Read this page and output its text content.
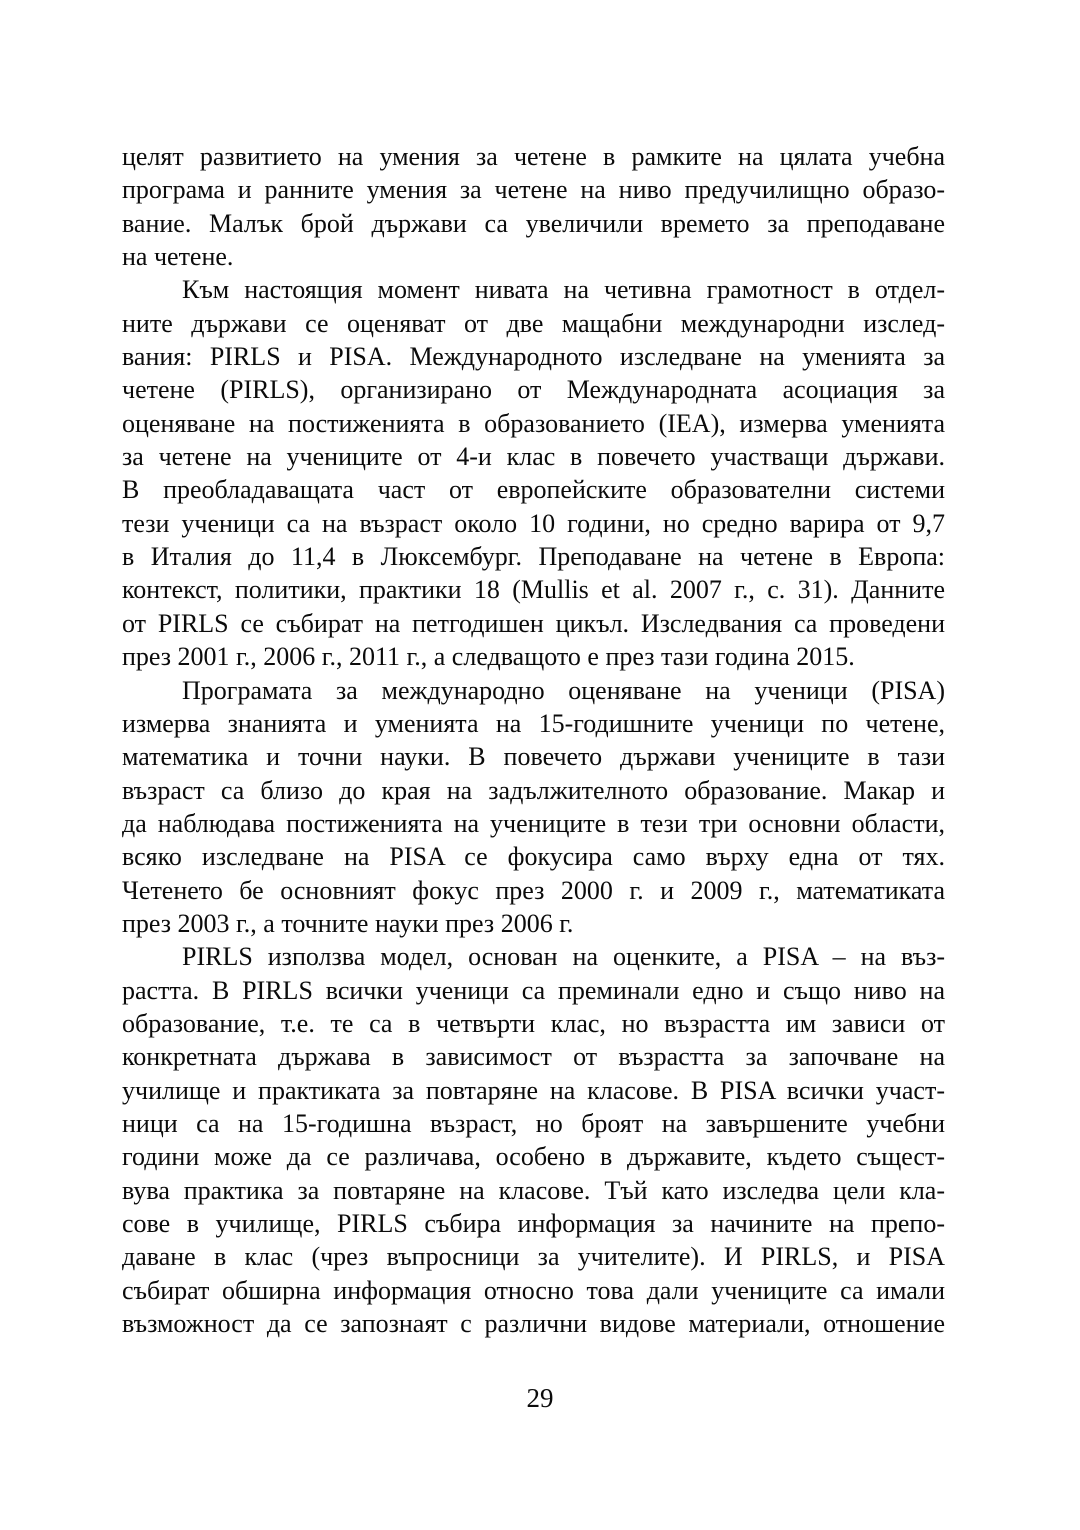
целят развитието на умения за четене в рамките на цялата учебна
програма и ранните умения за четене на ниво предучилищно образо-
вание. Малък брой държави са увеличили времето за преподаване
на четене.

Към настоящия момент нивата на четивна грамотност в отдел-
ните държави се оценяват от две мащабни международни изслед-
вания: PIRLS и PISA. Международното изследване на уменията за
четене (PIRLS), организирано от Международната асоциация за
оценяване на постиженията в образованието (IEA), измерва уменията
за четене на учениците от 4-и клас в повечето участващи държави.
В преобладаващата част от европейските образователни системи
тези ученици са на възраст около 10 години, но средно варира от 9,7
в Италия до 11,4 в Люксембург. Преподаване на четене в Европа:
контекст, политики, практики 18 (Mullis et al. 2007 г., с. 31). Данните
от PIRLS се събират на петгодишен цикъл. Изследвания са проведени
през 2001 г., 2006 г., 2011 г., а следващото е през тази година 2015.

Програмата за международно оценяване на ученици (PISA)
измерва знанията и уменията на 15-годишните ученици по четене,
математика и точни науки. В повечето държави учениците в тази
възраст са близо до края на задължителното образование. Макар и
да наблюдава постиженията на учениците в тези три основни области,
всяко изследване на PISA се фокусира само върху една от тях.
Четенето бе основният фокус през 2000 г. и 2009 г., математиката
през 2003 г., а точните науки през 2006 г.

PIRLS използва модел, основан на оценките, а PISA – на въз-
растта. В PIRLS всички ученици са преминали едно и също ниво на
образование, т.е. те са в четвърти клас, но възрастта им зависи от
конкретната държава в зависимост от възрастта за започване на
училище и практиката за повтаряне на класове. В PISA всички участ-
ници са на 15-годишна възраст, но броят на завършените учебни
години може да се различава, особено в държавите, където същест-
вува практика за повтаряне на класове. Тъй като изследва цели кла-
сове в училище, PIRLS събира информация за начините на препо-
даване в клас (чрез въпросници за учителите). И PIRLS, и PISA
събират обширна информация относно това дали учениците са имали
възможност да се запознаят с различни видове материали, отношение

29
